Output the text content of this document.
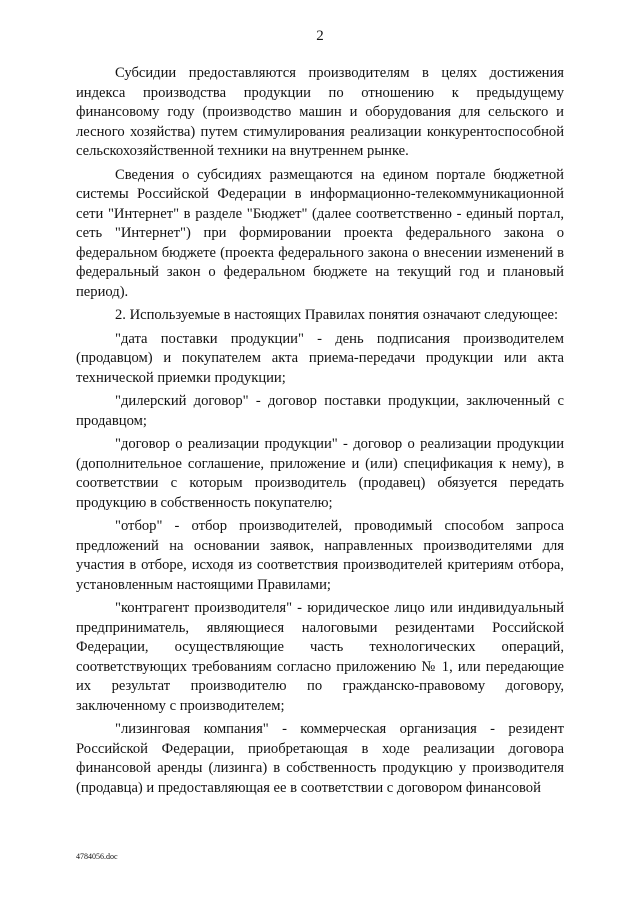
2

Субсидии предоставляются производителям в целях достижения индекса производства продукции по отношению к предыдущему финансовому году (производство машин и оборудования для сельского и лесного хозяйства) путем стимулирования реализации конкурентоспособной сельскохозяйственной техники на внутреннем рынке.

Сведения о субсидиях размещаются на едином портале бюджетной системы Российской Федерации в информационно-телекоммуникационной сети "Интернет" в разделе "Бюджет" (далее соответственно - единый портал, сеть "Интернет") при формировании проекта федерального закона о федеральном бюджете (проекта федерального закона о внесении изменений в федеральный закон о федеральном бюджете на текущий год и плановый период).

2. Используемые в настоящих Правилах понятия означают следующее:

"дата поставки продукции" - день подписания производителем (продавцом) и покупателем акта приема-передачи продукции или акта технической приемки продукции;

"дилерский договор" - договор поставки продукции, заключенный с продавцом;

"договор о реализации продукции" - договор о реализации продукции (дополнительное соглашение, приложение и (или) спецификация к нему), в соответствии с которым производитель (продавец) обязуется передать продукцию в собственность покупателю;

"отбор" - отбор производителей, проводимый способом запроса предложений на основании заявок, направленных производителями для участия в отборе, исходя из соответствия производителей критериям отбора, установленным настоящими Правилами;

"контрагент производителя" - юридическое лицо или индивидуальный предприниматель, являющиеся налоговыми резидентами Российской Федерации, осуществляющие часть технологических операций, соответствующих требованиям согласно приложению № 1, или передающие их результат производителю по гражданско-правовому договору, заключенному с производителем;

"лизинговая компания" - коммерческая организация - резидент Российской Федерации, приобретающая в ходе реализации договора финансовой аренды (лизинга) в собственность продукцию у производителя (продавца) и предоставляющая ее в соответствии с договором финансовой

4784056.doc
